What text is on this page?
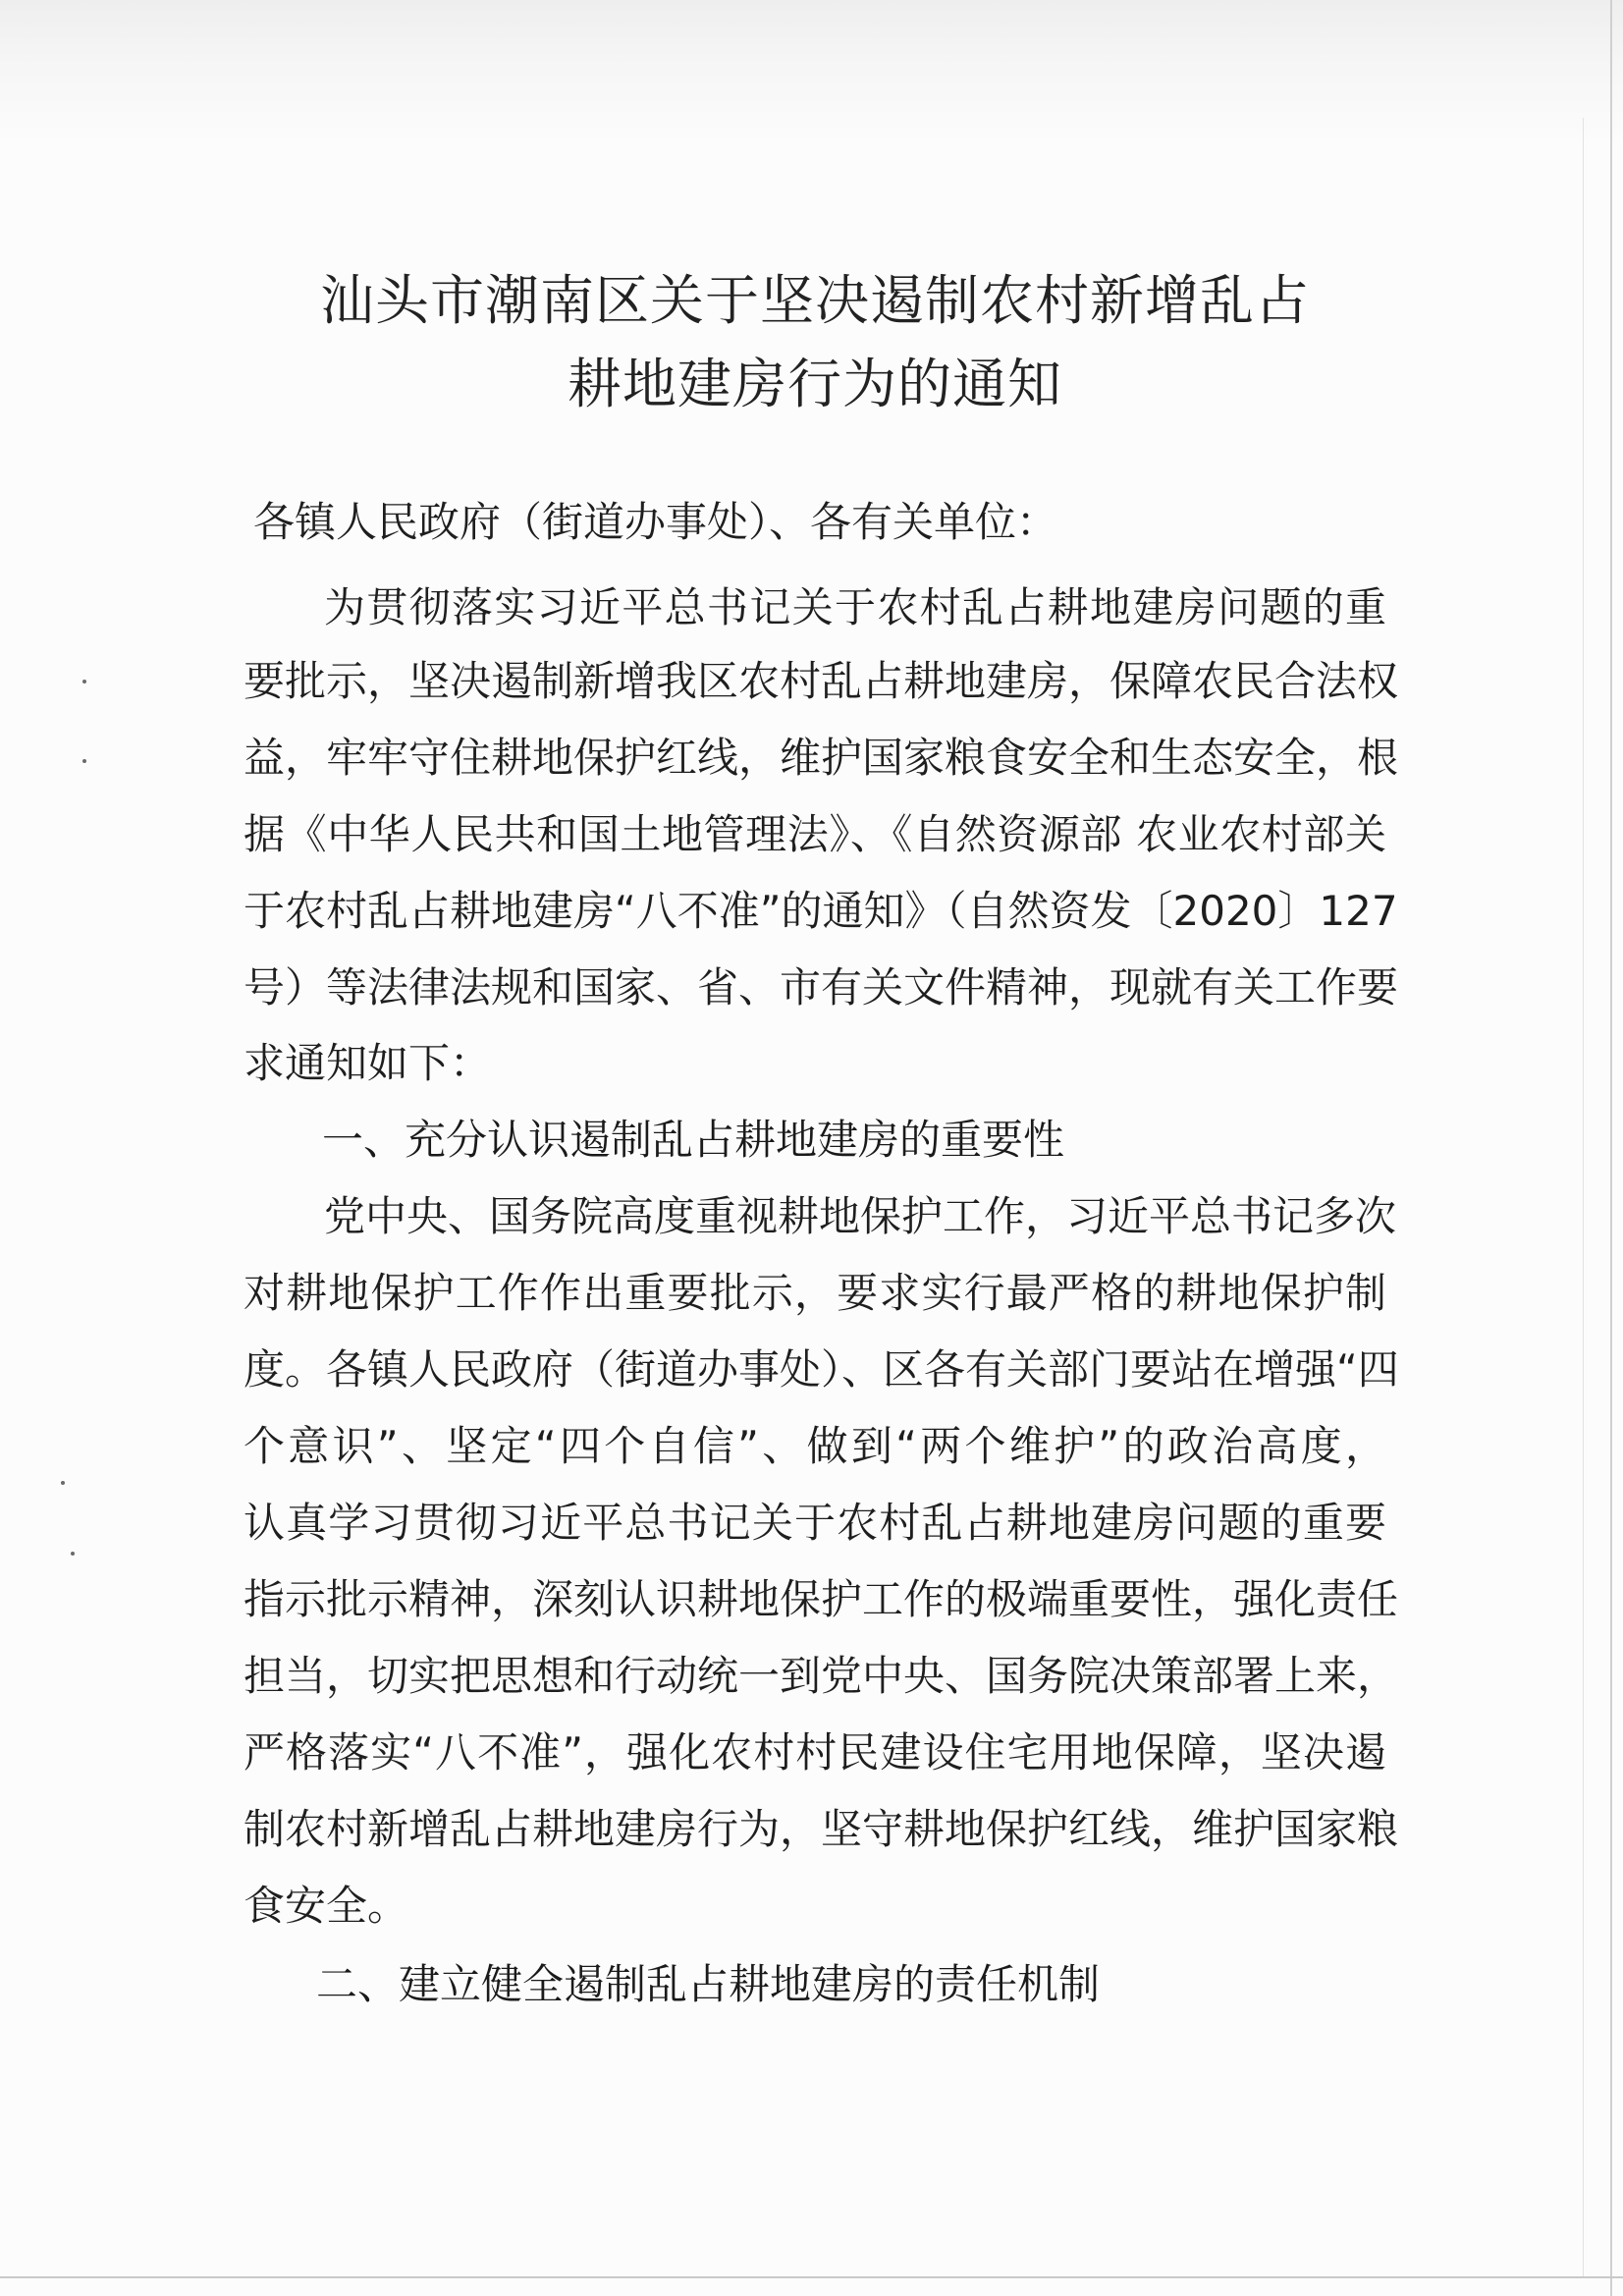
汕头市潮南区关于坚决遏制农村新增乱占
耕地建房行为的通知

各镇人民政府（街道办事处）、各有关单位：

为贯彻落实习近平总书记关于农村乱占耕地建房问题的重

要批示，坚决遏制新增我区农村乱占耕地建房，保障农民合法权

益，牢牢守住耕地保护红线，维护国家粮食安全和生态安全，根

据《中华人民共和国土地管理法》、《自然资源部 农业农村部关

于农村乱占耕地建房“八不准”的通知》（自然资发〔2020〕127

号）等法律法规和国家、省、市有关文件精神，现就有关工作要

求通知如下：

一、充分认识遏制乱占耕地建房的重要性

党中央、国务院高度重视耕地保护工作，习近平总书记多次

对耕地保护工作作出重要批示，要求实行最严格的耕地保护制

度。各镇人民政府（街道办事处）、区各有关部门要站在增强“四

个意识”、坚定“四个自信”、做到“两个维护”的政治高度，

认真学习贯彻习近平总书记关于农村乱占耕地建房问题的重要

指示批示精神，深刻认识耕地保护工作的极端重要性，强化责任

担当，切实把思想和行动统一到党中央、国务院决策部署上来，

严格落实“八不准”，强化农村村民建设住宅用地保障，坚决遏

制农村新增乱占耕地建房行为，坚守耕地保护红线，维护国家粮

食安全。

二、建立健全遏制乱占耕地建房的责任机制
